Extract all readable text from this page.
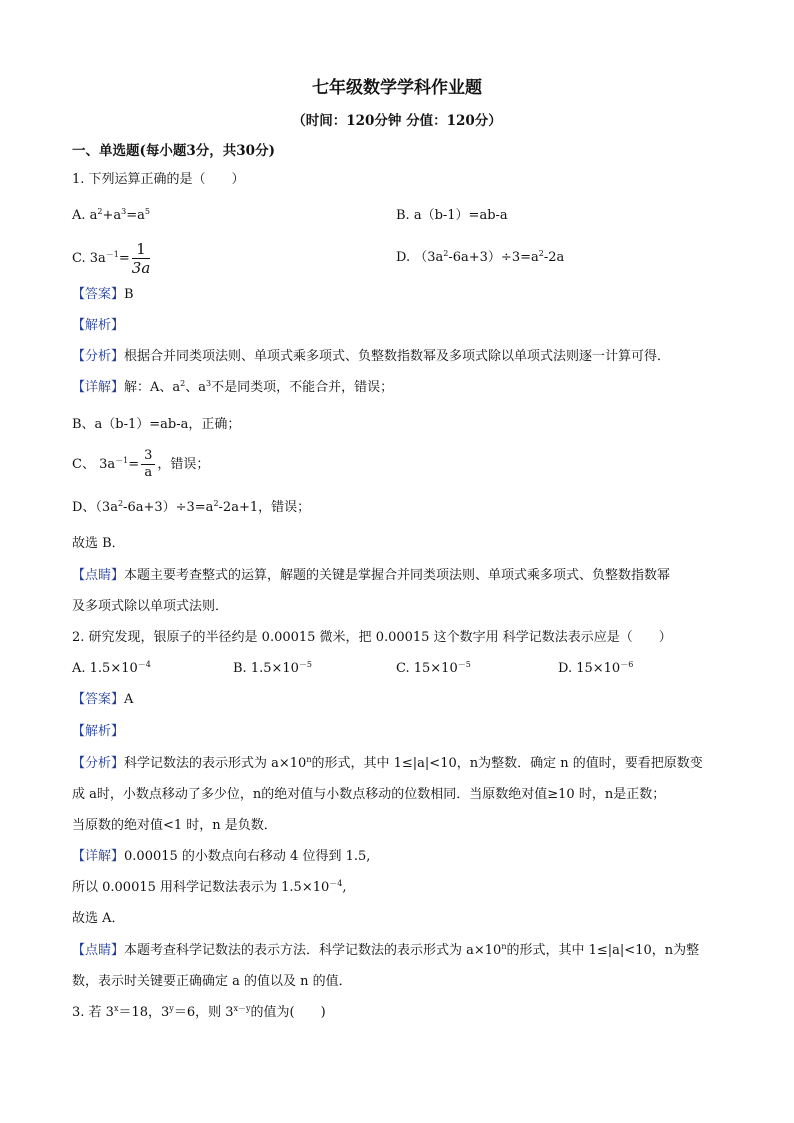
七年级数学学科作业题
（时间：120分钟 分值：120分）
一、单选题(每小题3分，共30分)
1. 下列运算正确的是（　　）
A. $a^2+a^3=a^5$	B. a（b-1）=ab-a
C. $3a^{-1}= \frac{1}{3a}$	D. $(3a^2-6a+3)\div 3=a^2-2a$
【答案】B
【解析】
【分析】根据合并同类项法则、单项式乘多项式、负整数指数幂及多项式除以单项式法则逐一计算可得．
【详解】解：A、$a^2$、$a^3$不是同类项，不能合并，错误；
B、a（b-1）=ab-a，正确；
C、 $3a^{-1}= \frac{3}{a}$ ，错误；
D、$(3a^2-6a+3)\div 3=a^2-2a+1$，错误；
故选 B．
【点睛】本题主要考查整式的运算，解题的关键是掌握合并同类项法则、单项式乘多项式、负整数指数幂
及多项式除以单项式法则．
2. 研究发现，银原子的半径约是 0.00015 微米，把 0.00015 这个数字用 科学记数法表示应是（　　）
A. $1.5\times 10^{-4}$	B. $1.5\times 10^{-5}$	C. $15\times 10^{-5}$	D. $15\times 10^{-6}$
【答案】A
【解析】
【分析】科学记数法的表示形式为 $a\times 10^n$的形式，其中 1≤|a|<10，n为整数．确定 n 的值时，要看把原数变
成 a时，小数点移动了多少位，n的绝对值与小数点移动的位数相同．当原数绝对值≥10 时，n是正数；
当原数的绝对值<1 时，n 是负数．
【详解】0.00015 的小数点向右移动 4 位得到 1.5,
所以 0.00015 用科学记数法表示为 $1.5\times 10^{-4}$,
故选 A．
【点睛】本题考查科学记数法的表示方法．科学记数法的表示形式为 $a\times 10^n$的形式，其中 1≤|a|<10，n为整
数，表示时关键要正确确定 a 的值以及 n 的值．
3. 若 $3^x=18$，$3^y=6$，则 $3^{x-y}$的值为(　　)
